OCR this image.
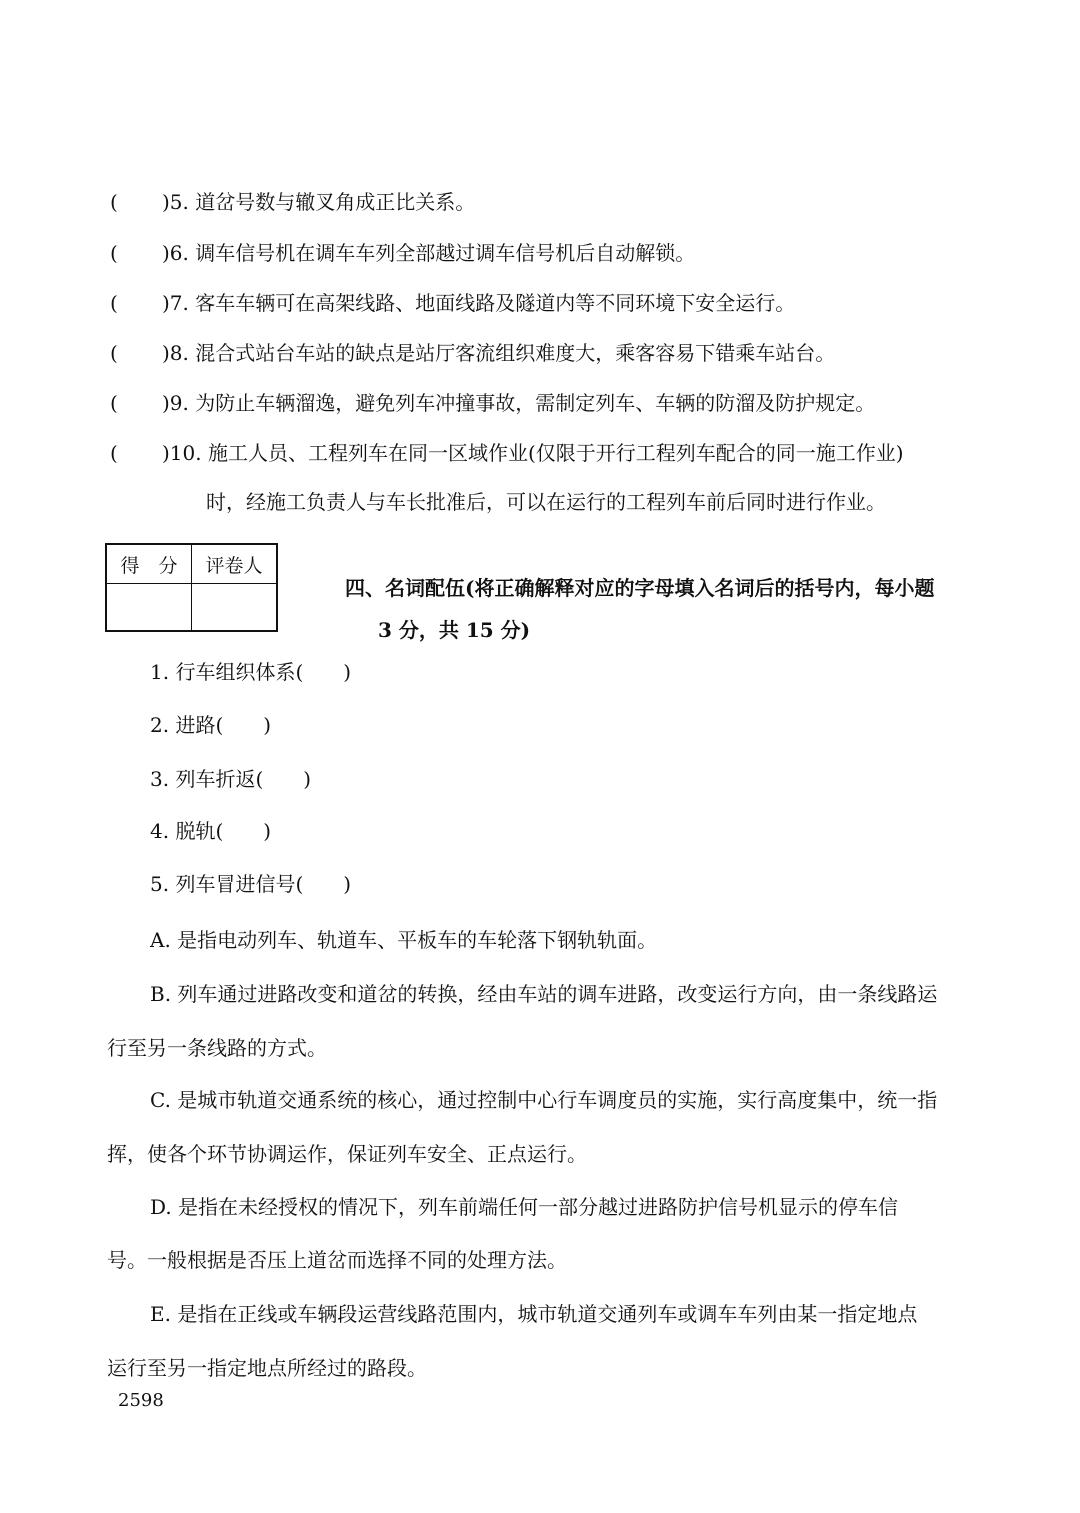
( )5. 道岔号数与辙叉角成正比关系。
( )6. 调车信号机在调车车列全部越过调车信号机后自动解锁。
( )7. 客车车辆可在高架线路、地面线路及隧道内等不同环境下安全运行。
( )8. 混合式站台车站的缺点是站厅客流组织难度大，乘客容易下错乘车站台。
( )9. 为防止车辆溜逸，避免列车冲撞事故，需制定列车、车辆的防溜及防护规定。
( )10. 施工人员、工程列车在同一区域作业(仅限于开行工程列车配合的同一施工作业)
时，经施工负责人与车长批准后，可以在运行的工程列车前后同时进行作业。
得　分	评卷人

四、名词配伍(将正确解释对应的字母填入名词后的括号内，每小题
3 分，共 15 分)
1. 行车组织体系(　　)
2. 进路(　　)
3. 列车折返(　　)
4. 脱轨(　　)
5. 列车冒进信号(　　)
A. 是指电动列车、轨道车、平板车的车轮落下钢轨轨面。
B. 列车通过进路改变和道岔的转换，经由车站的调车进路，改变运行方向，由一条线路运
行至另一条线路的方式。
C. 是城市轨道交通系统的核心，通过控制中心行车调度员的实施，实行高度集中，统一指
挥，使各个环节协调运作，保证列车安全、正点运行。
D. 是指在未经授权的情况下，列车前端任何一部分越过进路防护信号机显示的停车信
号。一般根据是否压上道岔而选择不同的处理方法。
E. 是指在正线或车辆段运营线路范围内，城市轨道交通列车或调车车列由某一指定地点
运行至另一指定地点所经过的路段。
2598
